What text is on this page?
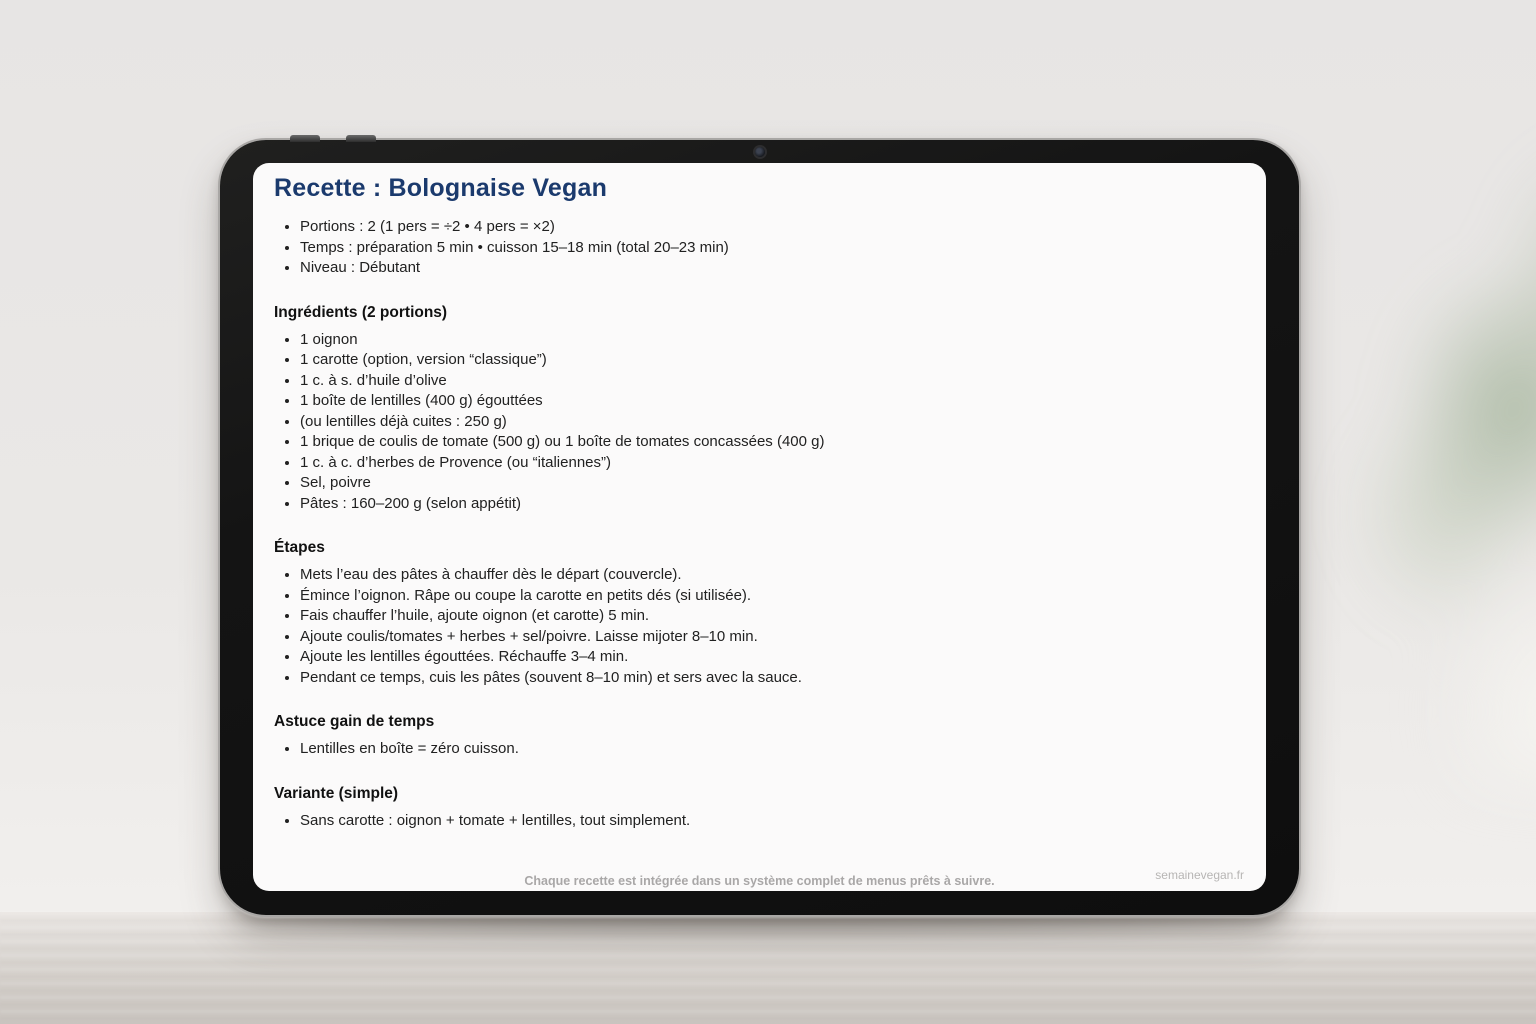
Recette : Bolognaise Vegan
• Portions : 2 (1 pers = ÷2 • 4 pers = ×2)
• Temps : préparation 5 min • cuisson 15–18 min (total 20–23 min)
• Niveau : Débutant
Ingrédients (2 portions)
• 1 oignon
• 1 carotte (option, version “classique”)
• 1 c. à s. d’huile d’olive
• 1 boîte de lentilles (400 g) égouttées
• (ou lentilles déjà cuites : 250 g)
• 1 brique de coulis de tomate (500 g) ou 1 boîte de tomates concassées (400 g)
• 1 c. à c. d’herbes de Provence (ou “italiennes”)
• Sel, poivre
• Pâtes : 160–200 g (selon appétit)
Étapes
• Mets l’eau des pâtes à chauffer dès le départ (couvercle).
• Émince l’oignon. Râpe ou coupe la carotte en petits dés (si utilisée).
• Fais chauffer l’huile, ajoute oignon (et carotte) 5 min.
• Ajoute coulis/tomates + herbes + sel/poivre. Laisse mijoter 8–10 min.
• Ajoute les lentilles égouttées. Réchauffe 3–4 min.
• Pendant ce temps, cuis les pâtes (souvent 8–10 min) et sers avec la sauce.
Astuce gain de temps
• Lentilles en boîte = zéro cuisson.
Variante (simple)
• Sans carotte : oignon + tomate + lentilles, tout simplement.
Chaque recette est intégrée dans un système complet de menus prêts à suivre.	semainevegan.fr
